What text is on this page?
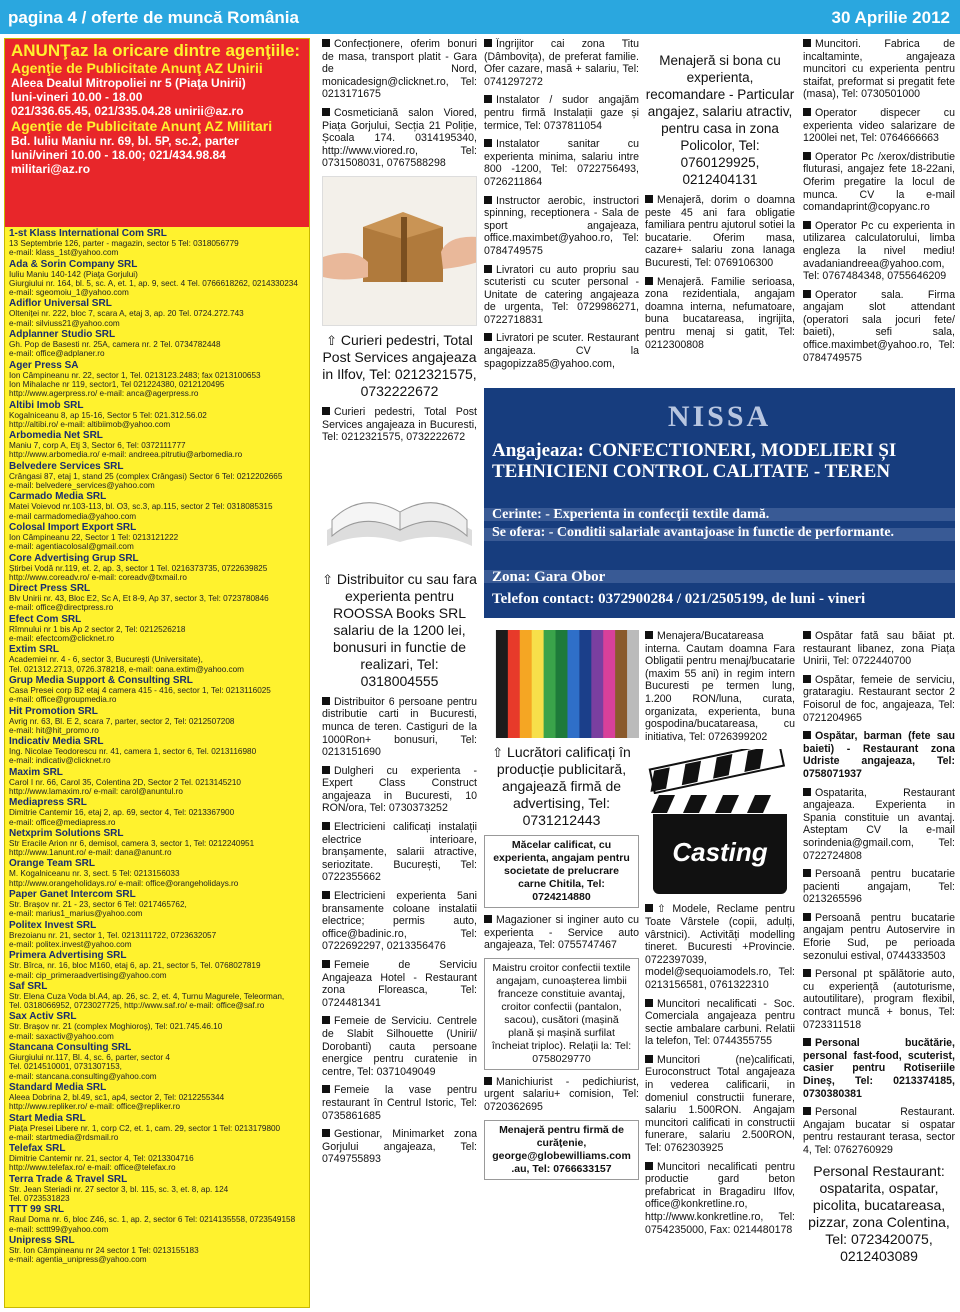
pagina 4 / oferte de muncă România	30 Aprilie 2012
ANUNŢaz la oricare dintre agenţiile:
Agenţie de Publicitate Anunţ AZ Unirii

Aleea Dealul Mitropoliei nr 5 (Piaţa Unirii)

luni-vineri 10.00 - 18.00

021/336.65.45, 021/335.04.28 unirii@az.ro

Agenţie de Publicitate Anunţ AZ Militari

Bd. Iuliu Maniu nr. 69, bl. 5P, sc.2, parter

luni/vineri 10.00 - 18.00; 021/434.98.84 militari@az.ro

1-st Klass International Com SRL
13 Septembrie 126, parter - magazin, sector 5 Tel: 0318056779
e-mail: klass_1st@yahoo.com
Ada & Sorin Company SRL
Iuliu Maniu 140-142 (Piaţa Gorjului)
Giurgiului nr. 164, bl. 5, sc. A, et. 1, ap. 9, sect. 4 Tel. 0766618262, 0214330234
e-mail: sgeomoiu_1@yahoo.com
Adiflor Universal SRL
Olteniței nr. 222, bloc 7, scara A, etaj 3, ap. 20 Tel. 0724.272.743
e-mail: silviuss21@yahoo.com
Adplanner Studio SRL
Gh. Pop de Basesti nr. 25A, camera nr. 2 Tel. 0734782448
e-mail: office@adplaner.ro
Ager Press SA
Ion Câmpineanu nr. 22, sector 1, Tel. 0213123.2483; fax 0213100653
Ion Mihalache nr 119, sector1, Tel 021224380, 0212120495
http://www.agerpress.ro/ e-mail: anca@agerpress.ro
Altibi Imob SRL
Kogalniceanu 8, ap 15-16, Sector 5 Tel: 021.312.56.02
http://altibi.ro/ e-mail: altibiimob@yahoo.com
Arbomedia Net SRL
Maniu 7, corp A, Etj 3, Sector 6, Tel: 0372111777
http://www.arbomedia.ro/ e-mail: andreea.pitrutiu@arbomedia.ro
Belvedere Services SRL
Crângasi 87, etaj 1, stand 25 (complex Crângasi) Sector 6 Tel: 0212202665
e-mail: belvedere_services@yahoo.com
Carmado Media SRL
Matei Voievod nr.103-113, bl. O3, sc.3, ap.115, sector 2 Tel: 0318085315
e-mail carmadomedia@yahoo.com
Colosal Import Export SRL
Ion Câmpineanu 22, Sector 1 Tel: 0213121222
e-mail: agentiacolosal@gmail.com
Core Advertising Grup SRL
Știrbei Vodă nr.119, et. 2, ap. 3, sector 1 Tel. 0216373735, 0722639825
http://www.coreadv.ro/ e-mail: coreadv@txmail.ro
Direct Press SRL
Blv Unirii nr. 43, Bloc E2, Sc A, Et 8-9, Ap 37, sector 3, Tel: 0723780846
e-mail: office@directpress.ro
Efect Com SRL
Rîmnului nr 1 bis Ap 2 sector 2, Tel: 0212526218
e-mail: efectcom@clicknet.ro
Extim SRL
Academiei nr. 4 - 6, sector 3, București (Universitate),
Tel. 021312.2713, 0726.378218, e-mail: oana.extim@yahoo.com
Grup Media Support & Consulting SRL
Casa Presei corp B2 etaj 4 camera 415 - 416, sector 1, Tel: 0213116025
e-mail: office@groupmedia.ro
Hit Promotion SRL
Avrig nr. 63, Bl. E 2, scara 7, parter, sector 2, Tel: 0212507208
e-mail: hit@hit_promo.ro
Indicativ Media SRL
Ing. Nicolae Teodorescu nr. 41, camera 1, sector 6, Tel. 0213116980
e-mail: indicativ@clicknet.ro
Maxim SRL
Carol I nr. 66, Carol 35, Colentina 2D, Sector 2 Tel. 0213145210
http://www.lamaxim.ro/ e-mail: carol@anuntul.ro
Mediapress SRL
Dimitrie Cantemir 16, etaj 2, ap. 69, sector 4, Tel: 0213367900
e-mail: office@mediapress.ro
Netxprim Solutions SRL
Str Eracile Arion nr 6, demisol, camera 3, sector 1, Tel: 0212240951
http://www.1anunt.ro/ e-mail: dana@anunt.ro
Orange Team SRL
M. Kogalniceanu nr. 3, sect. 5 Tel: 0213156033
http://www.orangeholidays.ro/ e-mail: office@orangeholidays.ro
Paper Ganet Intercom SRL
Str. Brașov nr. 21 - 23, sector 6 Tel: 0217465762,
e-mail: marius1_marius@yahoo.com
Politex Invest SRL
Brezoianu nr. 21, sector 1, Tel. 0213111722, 0723632057
e-mail: politex.invest@yahoo.com
Primera Advertising SRL
Str. Bîrca, nr. 16, bloc M160, etaj 6, ap. 21, sector 5, Tel. 0768027819
e-mail: cip_primeraadvertising@yahoo.com
Saf SRL
Str. Elena Cuza Voda bl.A4, ap. 26, sc. 2, et. 4, Turnu Magurele, Teleorman,
Tel. 0318066952, 0723027725, http://www.saf.ro/ e-mail: office@saf.ro
Sax Activ SRL
Str. Brașov nr. 21 (complex Moghioroș), Tel: 021.745.46.10
e-mail: saxactiv@yahoo.com
Stancana Consulting SRL
Giurgiului nr.117, Bl. 4, sc. 6, parter, sector 4
Tel. 0214510001, 0731307153,
e-mail: stancana.consulting@yahoo.com
Standard Media SRL
Aleea Dobrina 2, bl.49, sc1, ap4, sector 2, Tel: 0212255344
http://www.repliker.ro/ e-mail: office@repliker.ro
Start Media SRL
Piața Presei Libere nr. 1, corp C2, et. 1, cam. 29, sector 1 Tel: 0213179800
e-mail: startmedia@rdsmail.ro
Telefax SRL
Dimitrie Cantemir nr. 21, sector 4, Tel: 0213304716
http://www.telefax.ro/ e-mail: office@telefax.ro
Terra Trade & Travel SRL
Str. Jean Steriadi nr. 27 sector 3, bl. 115, sc. 3, et. 8, ap. 124
Tel. 0723531823
TTT 99 SRL
Raul Doma nr. 6, bloc Z46, sc. 1, ap. 2, sector 6 Tel: 0214135558, 0723549158
e-mail: scttt99@yahoo.com
Unipress SRL
Str. Ion Câmpineanu nr 24 sector 1 Tel: 0213155183
e-mail: agentia_unipress@yahoo.com
Confecționere, oferim bonuri de masa, transport platit - Gara de Nord, monicadesign@clicknet.ro, Tel: 0213171675
Cosmeticiană salon Viored, Piața Gorjului, Secția 21 Poliție, Școala 174. 0314195340, http://www.viored.ro, Tel: 0731508031, 0767588298
⇧ Curieri pedestri, Total Post Services angajeaza in Ilfov, Tel: 0212321575, 0732222672
Curieri pedestri, Total Post Services angajeaza in Bucuresti, Tel: 0212321575, 0732222672
⇧ Distribuitor cu sau fara experienta pentru ROOSSA Books SRL salariu de la 1200 lei, bonusuri in functie de realizari, Tel: 0318004555
Distribuitor 6 persoane pentru distributie carti in Bucuresti, munca de teren. Castiguri de la 1000Ron+ bonusuri, Tel: 0213151690
Dulgheri cu experienta - Expert Class Construct angajeaza in Bucuresti, 10 RON/ora, Tel: 0730373252
Electricieni calificați instalații electrice interioare, branșamente, salarii atractive, seriozitate. București, Tel: 0722355662
Electricieni experienta 5ani bransamente coloane instalatii electrice; permis auto, office@badinic.ro, Tel: 0722692297, 0213356476
Femeie de Serviciu Angajeaza Hotel - Restaurant zona Floreasca, Tel: 0724481341
Femeie de Serviciu. Centrele de Slabit Silhouette (Unirii/ Dorobanti) cauta persoane energice pentru curatenie in centre, Tel: 0371049049
Femeie la vase pentru restaurant în Centrul Istoric, Tel: 0735861685
Gestionar, Minimarket zona Gorjului angajeaza, Tel: 0749755893
Îngrijitor cai zona Titu (Dâmbovița), de preferat familie. Ofer cazare, masă + salariu, Tel: 0741297272
Instalator / sudor angajăm pentru firmă Instalații gaze și termice, Tel: 0737811054
Instalator sanitar cu experienta minima, salariu intre 800 -1200, Tel: 0722756493, 0726211864
Instructor aerobic, instructori spinning, receptionera - Sala de sport angajeaza, office.maximbet@yahoo.ro, Tel: 0784749575
Livratori cu auto propriu sau scuteristi cu scuter personal - Unitate de catering angajeaza de urgenta, Tel: 0729986271, 0722718831
Livratori pe scuter. Restaurant angajeaza. CV la spagopizza85@yahoo.com,
Menajeră si bona cu experienta, recomandare - Particular angajez, salariu atractiv, pentru casa in zona Policolor, Tel: 0760129925, 0212404131
Menajeră, dorim o doamna peste 45 ani fara obligatie familiara pentru ajutorul sotiei la bucatarie. Oferim masa, cazare+ salariu zona Ianaga Bucuresti, Tel: 0769106300
Menajeră. Familie serioasa, zona rezidentiala, angajam doamna interna, nefumatoare, buna bucatareasa, ingrijita, pentru menaj si gatit, Tel: 0212300808
Muncitori. Fabrica de incaltaminte, angajeaza muncitori cu experienta pentru staifat, preformat si pregatit fete (masa), Tel: 0730501000
Operator dispecer cu experienta video salarizare de 1200lei net, Tel: 0764666663
Operator Pc /xerox/distributie fluturasi, angajez fete 18-22ani, Oferim pregatire la locul de munca. CV la e-mail comandaprint@copyanc.ro
Operator Pc cu experienta in utilizarea calculatorului, limba engleza la nivel mediu! avadaniandreea@yahoo.com, Tel: 0767484348, 0755646209
Operator sala. Firma angajam slot attendant (operatori sala jocuri fete/ baieti), sefi sala, office.maximbet@yahoo.ro, Tel: 0784749575
NISSA
Angajeaza: CONFECTIONERI, MODELIERI ȘI
TEHNICIENI CONTROL CALITATE - TEREN
Cerinte: - Experienta in confecţii textile damă.
Se ofera: - Conditii salariale avantajoase in functie de performante.
Zona: Gara Obor
Telefon contact: 0372900284 / 021/2505199, de luni - vineri
⇧ Lucrători calificați în producție publicitară, angajează firmă de advertising, Tel: 0731212443
Măcelar calificat, cu experienta, angajam pentru societate de prelucrare carne Chitila, Tel: 0724214880
Magazioner si inginer auto cu experienta - Service auto angajeaza, Tel: 0755747467
Maistru croitor confectii textile angajam, cunoașterea limbii franceze constituie avantaj, croitor confectii (pantalon, sacou), cusători (mașină plană și mașină surfilat încheiat triploc). Relații la: Tel: 0758029770
Manichiurist - pedichiurist, urgent salariu+ comision, Tel: 0720362695
Menajeră pentru firmă de curățenie,
george@globewilliams.com .au, Tel: 0766633157
Menajera/Bucatareasa interna. Cautam doamna Fara Obligatii pentru menaj/bucatarie (maxim 55 ani) in regim intern Bucuresti pe termen lung, 1.200 RON/luna, curata, organizata, experienta, buna gospodina/bucatareasa, cu initiativa, Tel: 0726399202
Casting
⇧ Modele, Reclame pentru Toate Vârstele (copii, adulți, vârstnici). Activități modelling tineret. Bucuresti +Provincie. 0722397039, model@sequoiamodels.ro, Tel: 0213156581, 0761322310
Muncitori necalificati - Soc. Comerciala angajeaza pentru sectie ambalare carbuni. Relatii la telefon, Tel: 0744355755
Muncitori (ne)calificati, Euroconstruct Total angajeaza in vederea calificarii, in domeniul constructii funerare, salariu 1.500RON. Angajam muncitori calificati in constructii funerare, salariu 2.500RON, Tel: 0762303925
Muncitori necalificati pentru productie gard beton prefabricat in Bragadiru Ilfov, office@konkretline.ro, http://www.konkretline.ro, Tel: 0754235000, Fax: 0214480178
Ospătar fată sau băiat pt. restaurant libanez, zona Piața Unirii, Tel: 0722440700
Ospătar, femeie de serviciu, grataragiu. Restaurant sector 2 Foisorul de foc, angajeaza, Tel: 0721204965
Ospătar, barman (fete sau baieti) - Restaurant zona Udriste angajeaza, Tel: 0758071937
Ospatarita, Restaurant angajeaza. Experienta in Spania constituie un avantaj. Asteptam CV la e-mail sorindenia@gmail.com, Tel: 0722724808
Persoană pentru bucatarie pacienti angajam, Tel: 0213265596
Persoană pentru bucatarie angajam pentru Autoservire in Eforie Sud, pe perioada sezonului estival, 0744333503
Personal pt spălătorie auto, cu experiență (autoturisme, autoutilitare), program flexibil, contract muncă + bonus, Tel: 0723311518
Personal bucătărie, personal fast-food, scuterist, casier pentru Rotiseriile Dineș, Tel: 0213374185, 0730380381
Personal Restaurant. Angajam bucatar si ospatar pentru restaurant terasa, sector 4, Tel: 0762760929
Personal Restaurant: ospatarita, ospatar, picolita, bucatareasa, pizzar, zona Colentina, Tel: 0723420075, 0212403089
